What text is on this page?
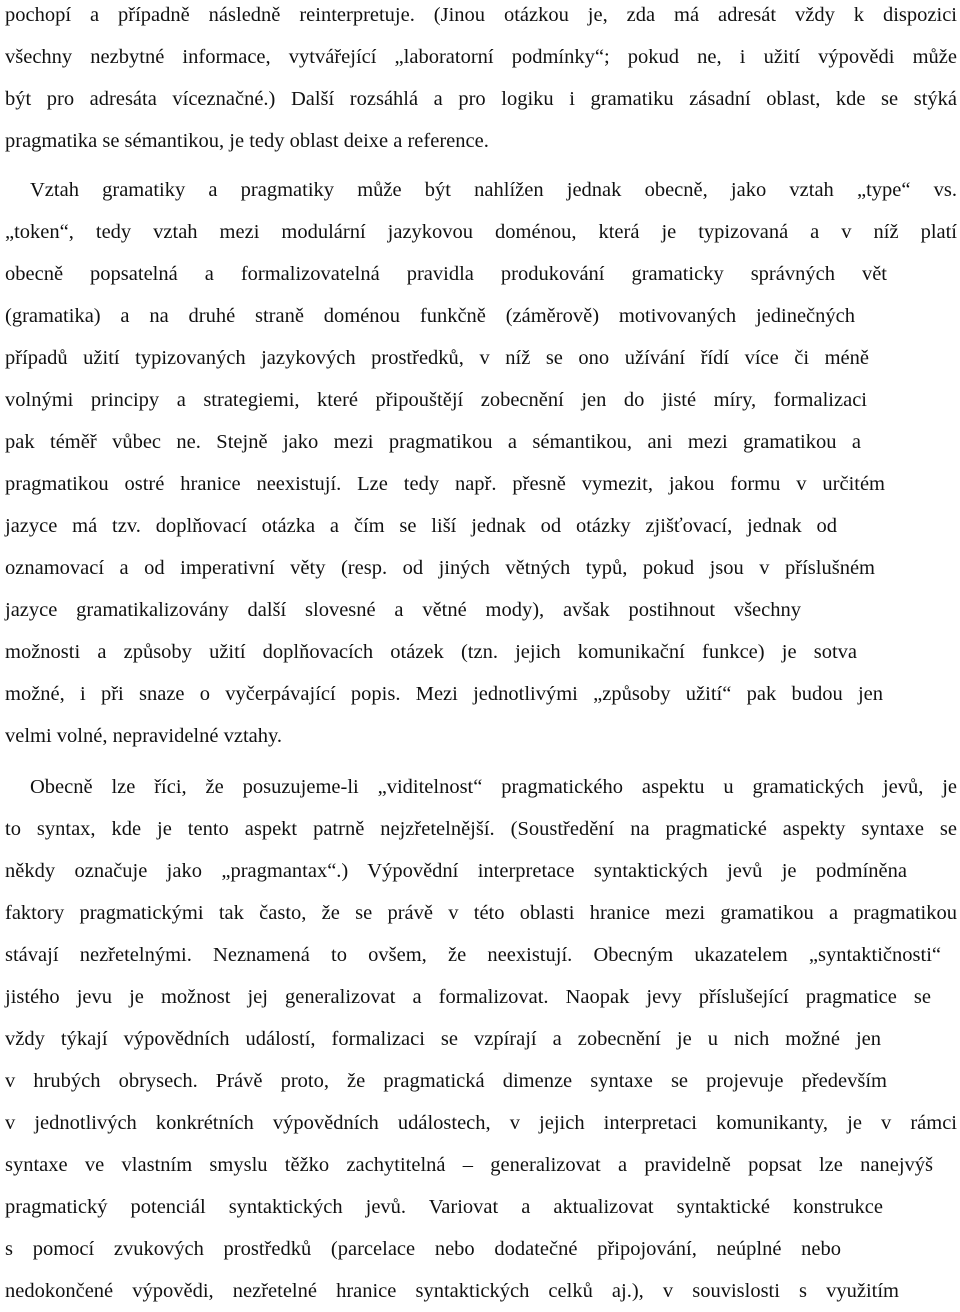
pochopí a případně následně reinterpretuje. (Jinou otázkou je, zda má adresát vždy k dispozici
všechny nezbytné informace, vytvářející „laboratorní podmínky“; pokud ne, i užití výpovědi může
být pro adresáta víceznačné.) Další rozsáhlá a pro logiku i gramatiku zásadní oblast, kde se stýká
pragmatika se sémantikou, je tedy oblast deixe a reference.
Vztah gramatiky a pragmatiky může být nahlížen jednak obecně, jako vztah „type“ vs.
„token“, tedy vztah mezi modulární jazykovou doménou, která je typizovaná a v níž platí
obecně popsatelná a formalizovatelná pravidla produkování gramaticky správných vět
(gramatika) a na druhé straně doménou funkčně (záměrově) motivovaných jedinečných
případů užití typizovaných jazykových prostředků, v níž se ono užívání řídí více či méně
volnými principy a strategiemi, které připouštějí zobecnění jen do jisté míry, formalizaci
pak téměř vůbec ne. Stejně jako mezi pragmatikou a sémantikou, ani mezi gramatikou a
pragmatikou ostré hranice neexistují. Lze tedy např. přesně vymezit, jakou formu v určitém
jazyce má tzv. doplňovací otázka a čím se liší jednak od otázky zjišťovací, jednak od
oznamovací a od imperativní věty (resp. od jiných větných typů, pokud jsou v příslušném
jazyce gramatikalizovány další slovesné a větné mody), avšak postihnout všechny
možnosti a způsoby užití doplňovacích otázek (tzn. jejich komunikační funkce) je sotva
možné, i při snaze o vyčerpávající popis. Mezi jednotlivými „způsoby užití“ pak budou jen
velmi volné, nepravidelné vztahy.
Obecně lze říci, že posuzujeme-li „viditelnost“ pragmatického aspektu u gramatických jevů, je
to syntax, kde je tento aspekt patrně nejzřetelnější. (Soustředění na pragmatické aspekty syntaxe se
někdy označuje jako „pragmantax“.) Výpovědní interpretace syntaktických jevů je podmíněna
faktory pragmatickými tak často, že se právě v této oblasti hranice mezi gramatikou a pragmatikou
stávají nezřetelnými. Neznamená to ovšem, že neexistují. Obecným ukazatelem „syntaktičnosti“
jistého jevu je možnost jej generalizovat a formalizovat. Naopak jevy příslušející pragmatice se
vždy týkají výpovědních událostí, formalizaci se vzpírají a zobecnění je u nich možné jen
v hrubých obrysech. Právě proto, že pragmatická dimenze syntaxe se projevuje především
v jednotlivých konkrétních výpovědních událostech, v jejich interpretaci komunikanty, je v rámci
syntaxe ve vlastním smyslu těžko zachytitelná – generalizovat a pravidelně popsat lze nanejvýš
pragmatický potenciál syntaktických jevů. Variovat a aktualizovat syntaktické konstrukce
s pomocí zvukových prostředků (parcelace nebo dodatečné připojování, neúplné nebo
nedokončené výpovědi, nezřetelné hranice syntaktických celků aj.), v souvislosti s využitím
